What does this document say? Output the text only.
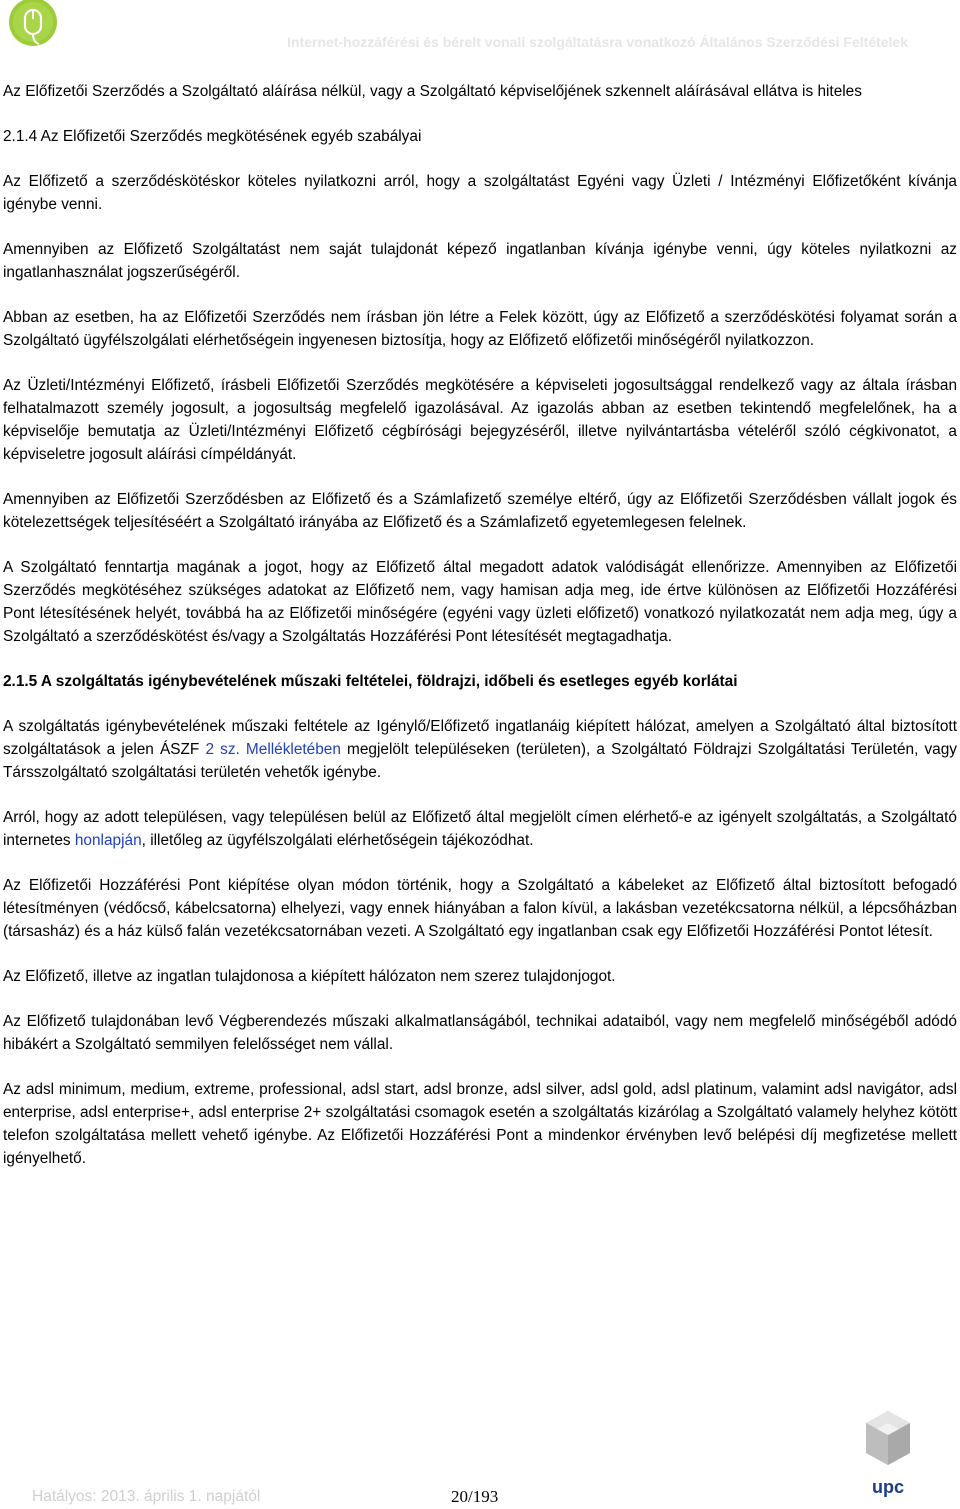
Internet-hozzáférési és bérelt vonali szolgáltatásra vonatkozó Általános Szerződési Feltételek

Az Előfizetői Szerződés a Szolgáltató aláírása nélkül, vagy a Szolgáltató képviselőjének szkennelt aláírásával ellátva is hiteles

2.1.4 Az Előfizetői Szerződés megkötésének egyéb szabályai

Az Előfizető a szerződéskötéskor köteles nyilatkozni arról, hogy a szolgáltatást Egyéni vagy Üzleti / Intézményi Előfizetőként kívánja igénybe venni.

Amennyiben az Előfizető Szolgáltatást nem saját tulajdonát képező ingatlanban kívánja igénybe venni, úgy köteles nyilatkozni az ingatlanhasználat jogszerűségéről.

Abban az esetben, ha az Előfizetői Szerződés nem írásban jön létre a Felek között, úgy az Előfizető a szerződéskötési folyamat során a Szolgáltató ügyfélszolgálati elérhetőségein ingyenesen biztosítja, hogy az Előfizető előfizetői minőségéről nyilatkozzon.

Az Üzleti/Intézményi Előfizető, írásbeli Előfizetői Szerződés megkötésére a képviseleti jogosultsággal rendelkező vagy az általa írásban felhatalmazott személy jogosult, a jogosultság megfelelő igazolásával. Az igazolás abban az esetben tekintendő megfelelőnek, ha a képviselője bemutatja az Üzleti/Intézményi Előfizető cégbírósági bejegyzéséről, illetve nyilvántartásba vételéről szóló cégkivonatot, a képviseletre jogosult aláírási címpéldányát.

Amennyiben az Előfizetői Szerződésben az Előfizető és a Számlafizető személye eltérő, úgy az Előfizetői Szerződésben vállalt jogok és kötelezettségek teljesítéséért a Szolgáltató irányába az Előfizető és a Számlafizető egyetemlegesen felelnek.

A Szolgáltató fenntartja magának a jogot, hogy az Előfizető által megadott adatok valódiságát ellenőrizze. Amennyiben az Előfizetői Szerződés megkötéséhez szükséges adatokat az Előfizető nem, vagy hamisan adja meg, ide értve különösen az Előfizetői Hozzáférési Pont létesítésének helyét, továbbá ha az Előfizetői minőségére (egyéni vagy üzleti előfizető) vonatkozó nyilatkozatát nem adja meg, úgy a Szolgáltató a szerződéskötést és/vagy a Szolgáltatás Hozzáférési Pont létesítését megtagadhatja.

2.1.5 A szolgáltatás igénybevételének műszaki feltételei, földrajzi, időbeli és esetleges egyéb korlátai

A szolgáltatás igénybevételének műszaki feltétele az Igénylő/Előfizető ingatlanáig kiépített hálózat, amelyen a Szolgáltató által biztosított szolgáltatások a jelen ÁSZF 2 sz. Mellékletében megjelölt településeken (területen), a Szolgáltató Földrajzi Szolgáltatási Területén, vagy Társszolgáltató szolgáltatási területén vehetők igénybe.

Arról, hogy az adott településen, vagy településen belül az Előfizető által megjelölt címen elérhető-e az igényelt szolgáltatás, a Szolgáltató internetes honlapján, illetőleg az ügyfélszolgálati elérhetőségein tájékozódhat.

Az Előfizetői Hozzáférési Pont kiépítése olyan módon történik, hogy a Szolgáltató a kábeleket az Előfizető által biztosított befogadó létesítményen (védőcső, kábelcsatorna) elhelyezi, vagy ennek hiányában a falon kívül, a lakásban vezetékcsatorna nélkül, a lépcsőházban (társasház) és a ház külső falán vezetékcsatornában vezeti. A Szolgáltató egy ingatlanban csak egy Előfizetői Hozzáférési Pontot létesít.

Az Előfizető, illetve az ingatlan tulajdonosa a kiépített hálózaton nem szerez tulajdonjogot.

Az Előfizető tulajdonában levő Végberendezés műszaki alkalmatlanságából, technikai adataiból, vagy nem megfelelő minőségéből adódó hibákért a Szolgáltató semmilyen felelősséget nem vállal.

Az adsl minimum, medium, extreme, professional, adsl start, adsl bronze, adsl silver, adsl gold, adsl platinum, valamint adsl navigátor, adsl enterprise, adsl enterprise+, adsl enterprise 2+ szolgáltatási csomagok esetén a szolgáltatás kizárólag a Szolgáltató valamely helyhez kötött telefon szolgáltatása mellett vehető igénybe. Az Előfizetői Hozzáférési Pont a mindenkor érvényben levő belépési díj megfizetése mellett igényelhető.

upc
Hatályos: 2013. április 1. napjától	20/193
